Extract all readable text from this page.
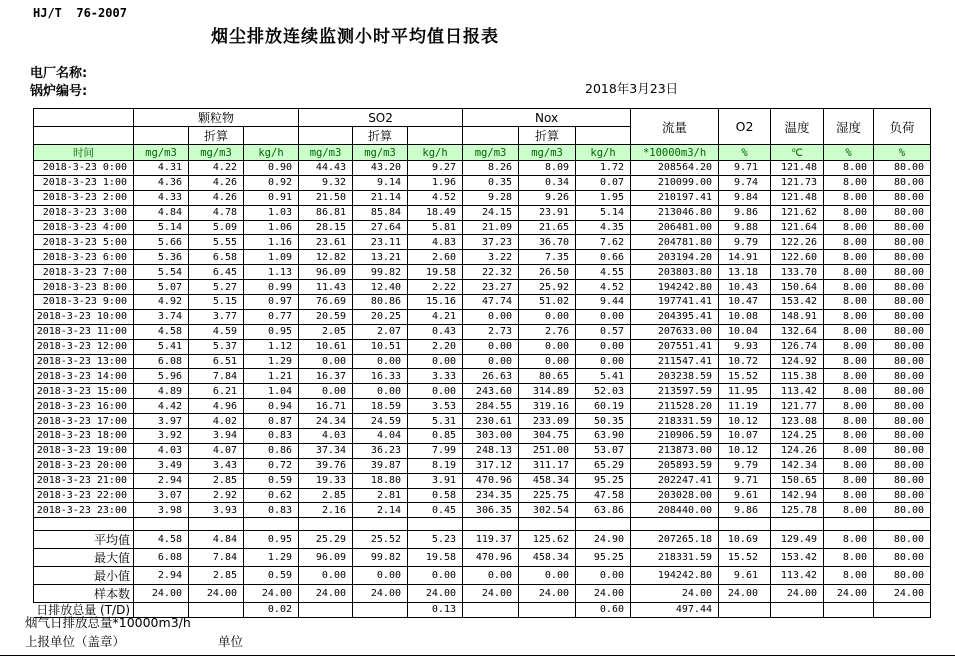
HJ/T  76-2007
烟尘排放连续监测小时平均值日报表
电厂名称:
锅炉编号:	2018年3月23日
	颗粒物			SO2			Nox			流量	O2	温度	湿度	负荷
		折算			折算			折算						
时间	mg/m3	mg/m3	kg/h	mg/m3	mg/m3	kg/h	mg/m3	mg/m3	kg/h	*10000m3/h	%	℃	%	%
2018-3-23 0:00	4.31	4.22	0.90	44.43	43.20	9.27	8.26	8.09	1.72	208564.20	9.71	121.48	8.00	80.00
2018-3-23 1:00	4.36	4.26	0.92	9.32	9.14	1.96	0.35	0.34	0.07	210099.00	9.74	121.73	8.00	80.00
2018-3-23 2:00	4.33	4.26	0.91	21.50	21.14	4.52	9.28	9.26	1.95	210197.41	9.84	121.48	8.00	80.00
2018-3-23 3:00	4.84	4.78	1.03	86.81	85.84	18.49	24.15	23.91	5.14	213046.80	9.86	121.62	8.00	80.00
2018-3-23 4:00	5.14	5.09	1.06	28.15	27.64	5.81	21.09	21.65	4.35	206481.00	9.88	121.64	8.00	80.00
2018-3-23 5:00	5.66	5.55	1.16	23.61	23.11	4.83	37.23	36.70	7.62	204781.80	9.79	122.26	8.00	80.00
2018-3-23 6:00	5.36	6.58	1.09	12.82	13.21	2.60	3.22	7.35	0.66	203194.20	14.91	122.60	8.00	80.00
2018-3-23 7:00	5.54	6.45	1.13	96.09	99.82	19.58	22.32	26.50	4.55	203803.80	13.18	133.70	8.00	80.00
2018-3-23 8:00	5.07	5.27	0.99	11.43	12.40	2.22	23.27	25.92	4.52	194242.80	10.43	150.64	8.00	80.00
2018-3-23 9:00	4.92	5.15	0.97	76.69	80.86	15.16	47.74	51.02	9.44	197741.41	10.47	153.42	8.00	80.00
2018-3-23 10:00	3.74	3.77	0.77	20.59	20.25	4.21	0.00	0.00	0.00	204395.41	10.08	148.91	8.00	80.00
2018-3-23 11:00	4.58	4.59	0.95	2.05	2.07	0.43	2.73	2.76	0.57	207633.00	10.04	132.64	8.00	80.00
2018-3-23 12:00	5.41	5.37	1.12	10.61	10.51	2.20	0.00	0.00	0.00	207551.41	9.93	126.74	8.00	80.00
2018-3-23 13:00	6.08	6.51	1.29	0.00	0.00	0.00	0.00	0.00	0.00	211547.41	10.72	124.92	8.00	80.00
2018-3-23 14:00	5.96	7.84	1.21	16.37	16.33	3.33	26.63	80.65	5.41	203238.59	15.52	115.38	8.00	80.00
2018-3-23 15:00	4.89	6.21	1.04	0.00	0.00	0.00	243.60	314.89	52.03	213597.59	11.95	113.42	8.00	80.00
2018-3-23 16:00	4.42	4.96	0.94	16.71	18.59	3.53	284.55	319.16	60.19	211528.20	11.19	121.77	8.00	80.00
2018-3-23 17:00	3.97	4.02	0.87	24.34	24.59	5.31	230.61	233.09	50.35	218331.59	10.12	123.08	8.00	80.00
2018-3-23 18:00	3.92	3.94	0.83	4.03	4.04	0.85	303.00	304.75	63.90	210906.59	10.07	124.25	8.00	80.00
2018-3-23 19:00	4.03	4.07	0.86	37.34	36.23	7.99	248.13	251.00	53.07	213873.00	10.12	124.26	8.00	80.00
2018-3-23 20:00	3.49	3.43	0.72	39.76	39.87	8.19	317.12	311.17	65.29	205893.59	9.79	142.34	8.00	80.00
2018-3-23 21:00	2.94	2.85	0.59	19.33	18.80	3.91	470.96	458.34	95.25	202247.41	9.71	150.65	8.00	80.00
2018-3-23 22:00	3.07	2.92	0.62	2.85	2.81	0.58	234.35	225.75	47.58	203028.00	9.61	142.94	8.00	80.00
2018-3-23 23:00	3.98	3.93	0.83	2.16	2.14	0.45	306.35	302.54	63.86	208440.00	9.86	125.78	8.00	80.00

平均值	4.58	4.84	0.95	25.29	25.52	5.23	119.37	125.62	24.90	207265.18	10.69	129.49	8.00	80.00
最大值	6.08	7.84	1.29	96.09	99.82	19.58	470.96	458.34	95.25	218331.59	15.52	153.42	8.00	80.00
最小值	2.94	2.85	0.59	0.00	0.00	0.00	0.00	0.00	0.00	194242.80	9.61	113.42	8.00	80.00
样本数	24.00	24.00	24.00	24.00	24.00	24.00	24.00	24.00	24.00	24.00	24.00	24.00	24.00	24.00

日排放总量 (T/D)			0.02			0.13			0.60	497.44				
烟气日排放总量*10000m3/h
上报单位（盖章）	单位
